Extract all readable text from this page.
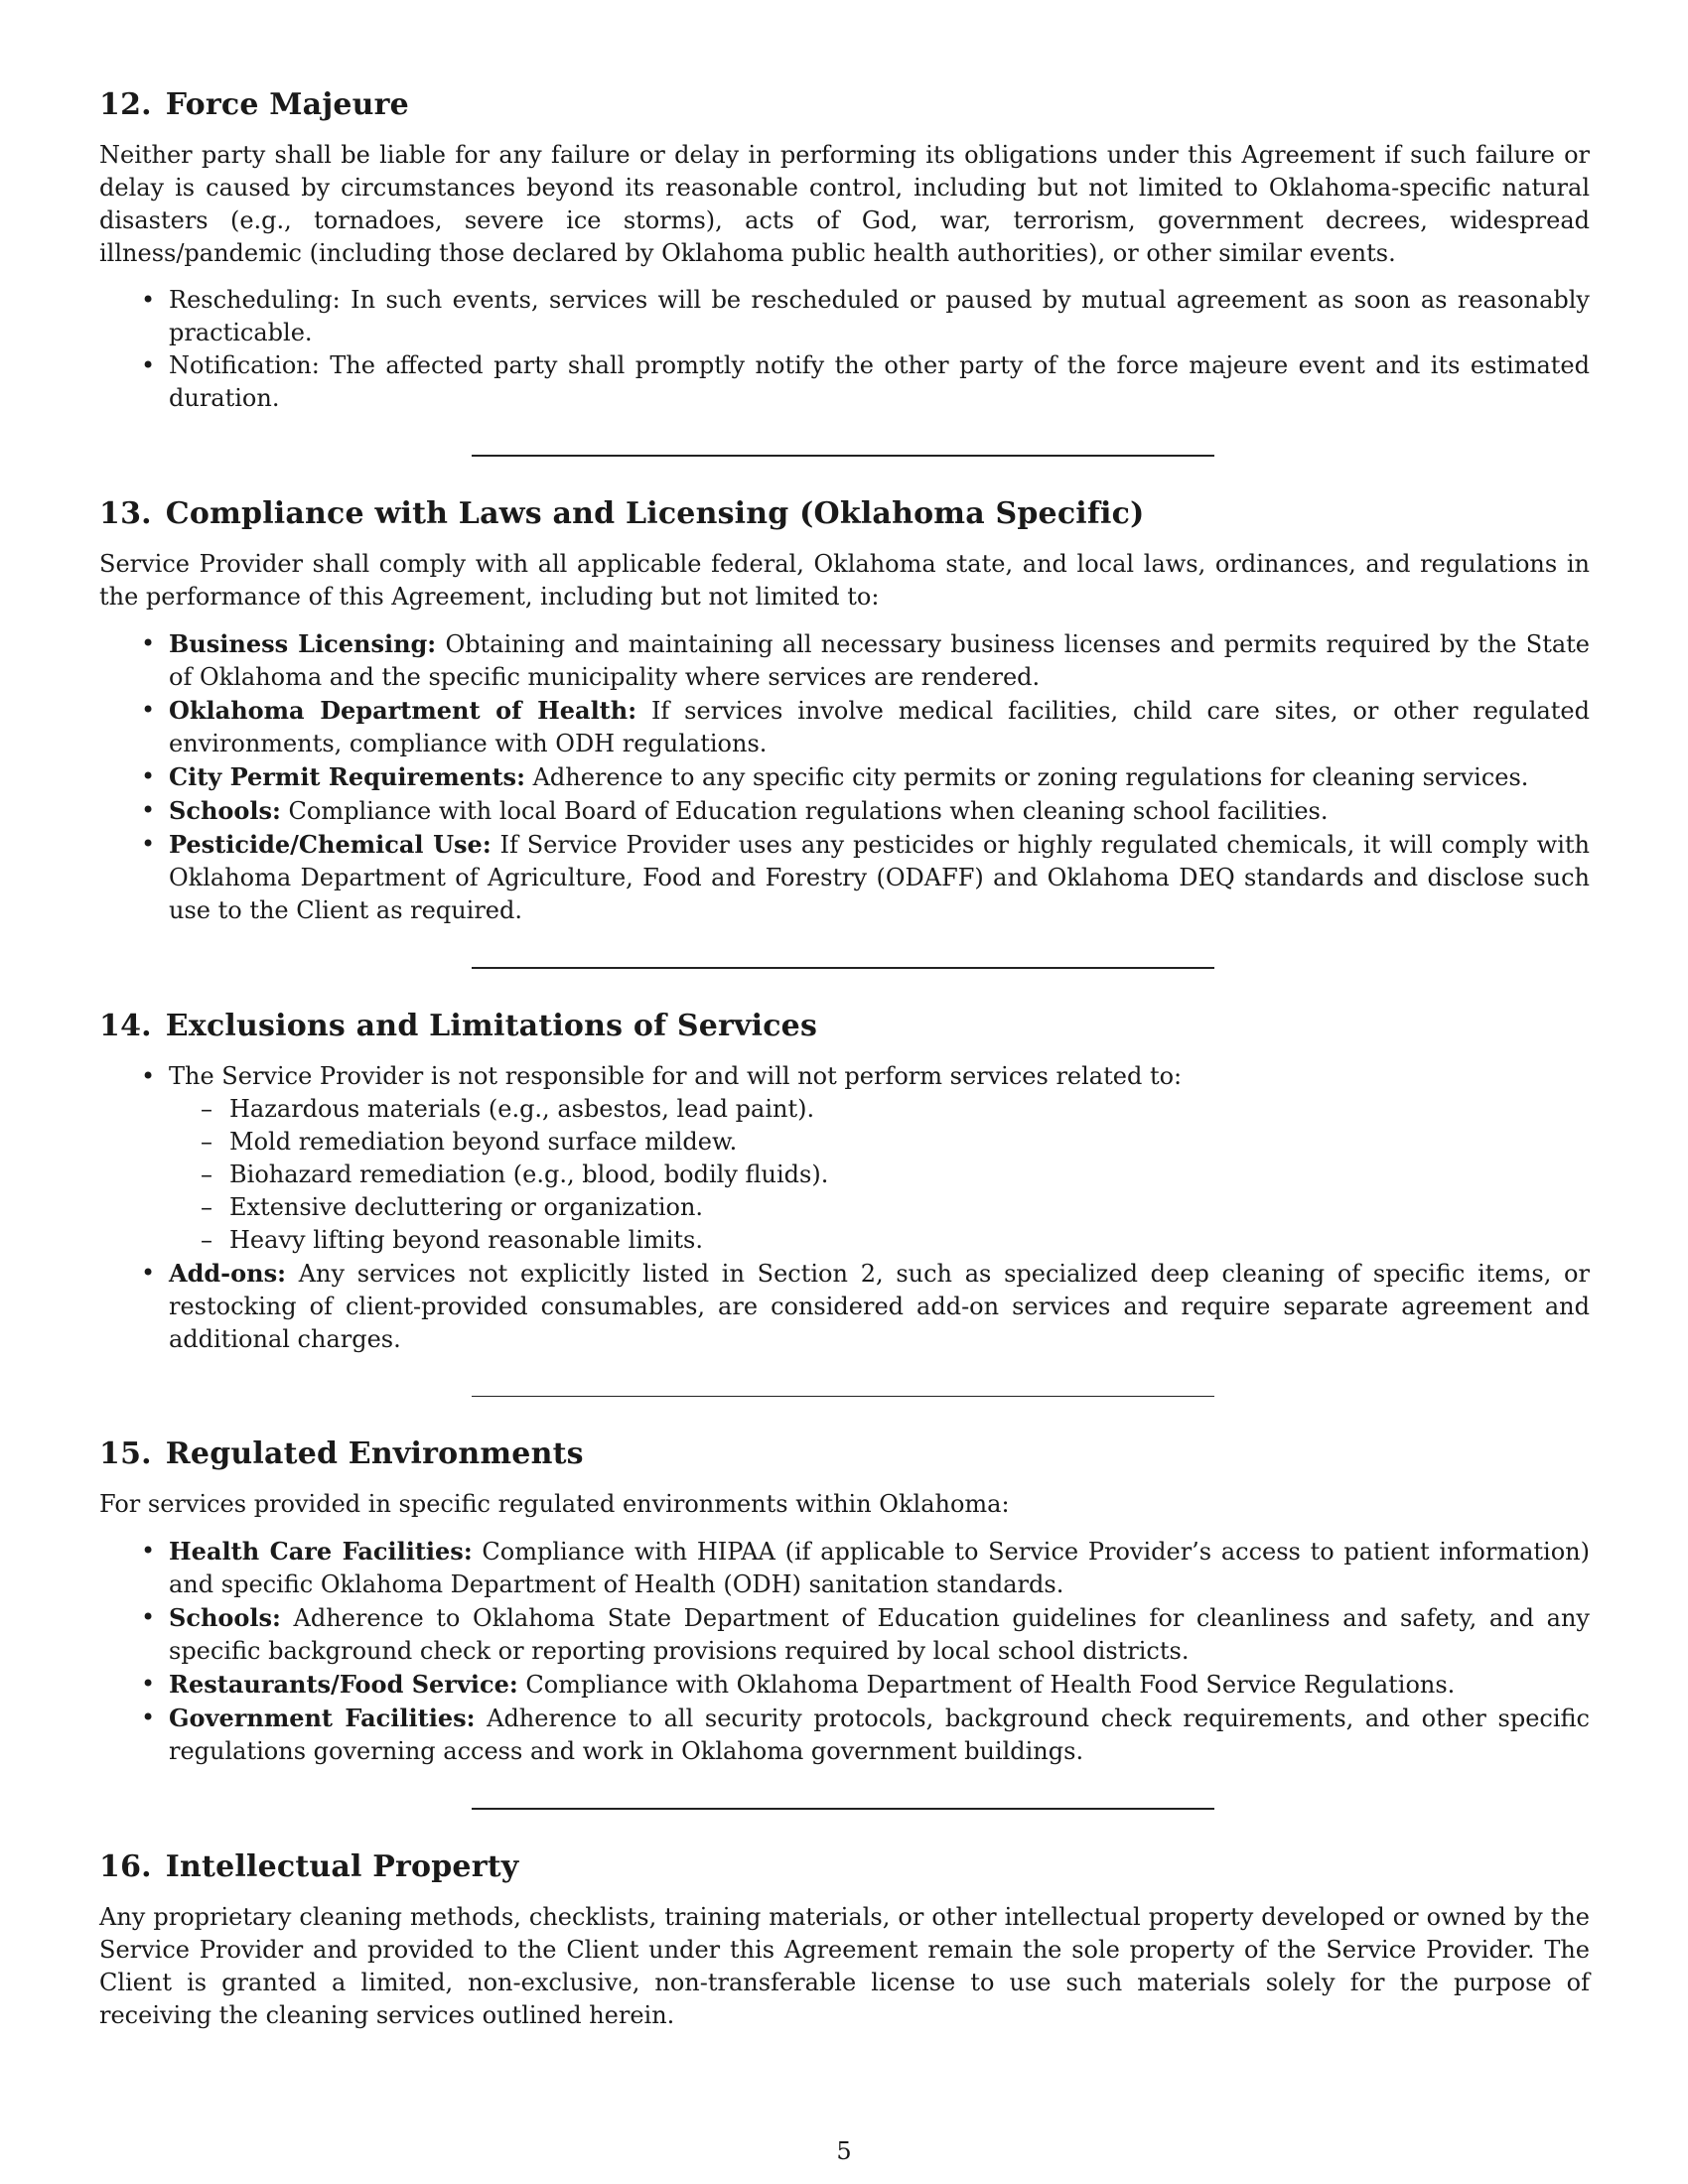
12. Force Majeure

Neither party shall be liable for any failure or delay in performing its obligations under this Agreement if such failure or delay is caused by circumstances beyond its reasonable control, including but not limited to Oklahoma-specific natural disasters (e.g., tornadoes, severe ice storms), acts of God, war, terrorism, government decrees, widespread illness/pandemic (including those declared by Oklahoma public health authorities), or other similar events.

• Rescheduling: In such events, services will be rescheduled or paused by mutual agreement as soon as reasonably practicable.
• Notification: The affected party shall promptly notify the other party of the force majeure event and its estimated duration.
13. Compliance with Laws and Licensing (Oklahoma Specific)

Service Provider shall comply with all applicable federal, Oklahoma state, and local laws, ordinances, and regulations in the performance of this Agreement, including but not limited to:

• Business Licensing: Obtaining and maintaining all necessary business licenses and permits required by the State of Oklahoma and the specific municipality where services are rendered.
• Oklahoma Department of Health: If services involve medical facilities, child care sites, or other regulated environments, compliance with ODH regulations.
• City Permit Requirements: Adherence to any specific city permits or zoning regulations for cleaning services.
• Schools: Compliance with local Board of Education regulations when cleaning school facilities.
• Pesticide/Chemical Use: If Service Provider uses any pesticides or highly regulated chemicals, it will comply with Oklahoma Department of Agriculture, Food and Forestry (ODAFF) and Oklahoma DEQ standards and disclose such use to the Client as required.
14. Exclusions and Limitations of Services
• The Service Provider is not responsible for and will not perform services related to:
– Hazardous materials (e.g., asbestos, lead paint).
– Mold remediation beyond surface mildew.
– Biohazard remediation (e.g., blood, bodily fluids).
– Extensive decluttering or organization.
– Heavy lifting beyond reasonable limits.
• Add-ons: Any services not explicitly listed in Section 2, such as specialized deep cleaning of specific items, or restocking of client-provided consumables, are considered add-on services and require separate agreement and additional charges.
15. Regulated Environments

For services provided in specific regulated environments within Oklahoma:

• Health Care Facilities: Compliance with HIPAA (if applicable to Service Provider’s access to patient information) and specific Oklahoma Department of Health (ODH) sanitation standards.
• Schools: Adherence to Oklahoma State Department of Education guidelines for cleanliness and safety, and any specific background check or reporting provisions required by local school districts.
• Restaurants/Food Service: Compliance with Oklahoma Department of Health Food Service Regulations.
• Government Facilities: Adherence to all security protocols, background check requirements, and other specific regulations governing access and work in Oklahoma government buildings.
16. Intellectual Property

Any proprietary cleaning methods, checklists, training materials, or other intellectual property developed or owned by the Service Provider and provided to the Client under this Agreement remain the sole property of the Service Provider. The Client is granted a limited, non-exclusive, non-transferable license to use such materials solely for the purpose of receiving the cleaning services outlined herein.

5
